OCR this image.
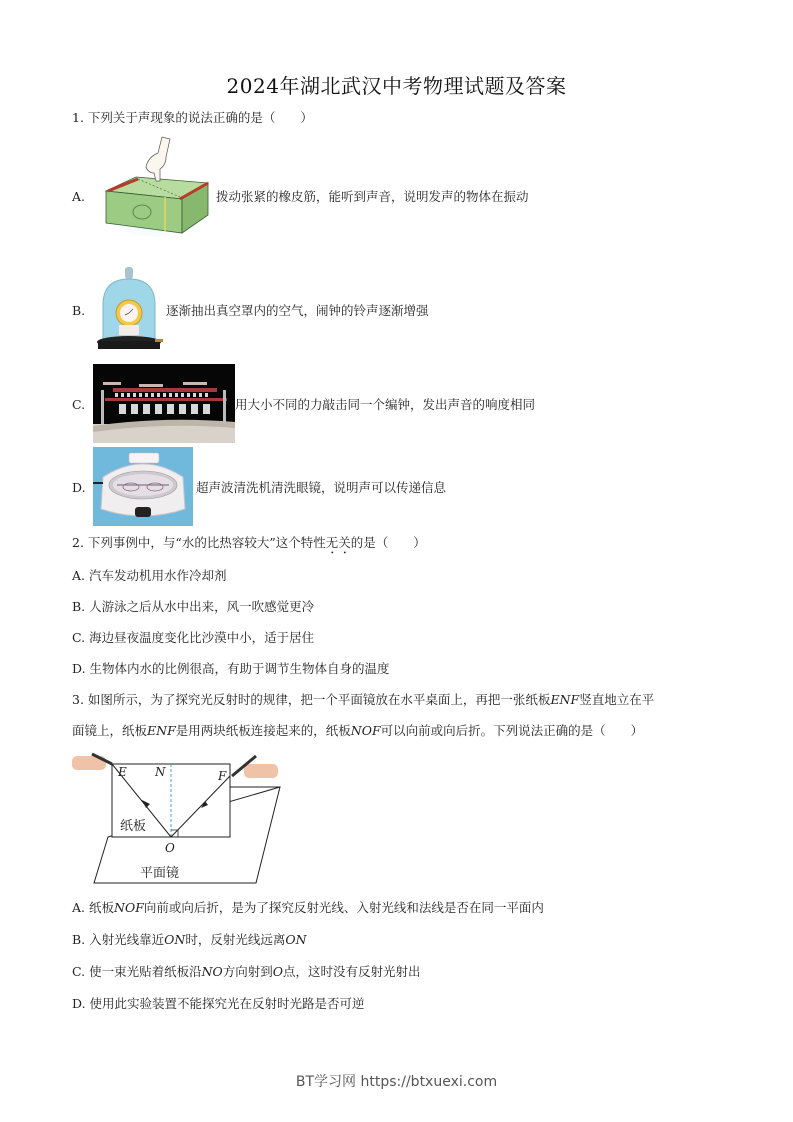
2024年湖北武汉中考物理试题及答案
1. 下列关于声现象的说法正确的是（　　）
A.	拨动张紧的橡皮筋，能听到声音，说明发声的物体在振动
B.	逐渐抽出真空罩内的空气，闹钟的铃声逐渐增强
C.	用大小不同的力敲击同一个编钟，发出声音的响度相同
D.	超声波清洗机清洗眼镜，说明声可以传递信息
2. 下列事例中，与“水的比热容较大”这个特性无关的是（　　）
A. 汽车发动机用水作冷却剂
B. 人游泳之后从水中出来，风一吹感觉更冷
C. 海边昼夜温度变化比沙漠中小，适于居住
D. 生物体内水的比例很高，有助于调节生物体自身的温度
3. 如图所示，为了探究光反射时的规律，把一个平面镜放在水平桌面上，再把一张纸板ENF竖直地立在平
面镜上，纸板ENF是用两块纸板连接起来的，纸板NOF可以向前或向后折。下列说法正确的是（　　）
E N	F
O
纸板
平面镜
A. 纸板NOF向前或向后折，是为了探究反射光线、入射光线和法线是否在同一平面内
B. 入射光线靠近ON时，反射光线远离ON
C. 使一束光贴着纸板沿NO方向射到O点，这时没有反射光射出
D. 使用此实验装置不能探究光在反射时光路是否可逆
BT学习网 https://btxuexi.com
